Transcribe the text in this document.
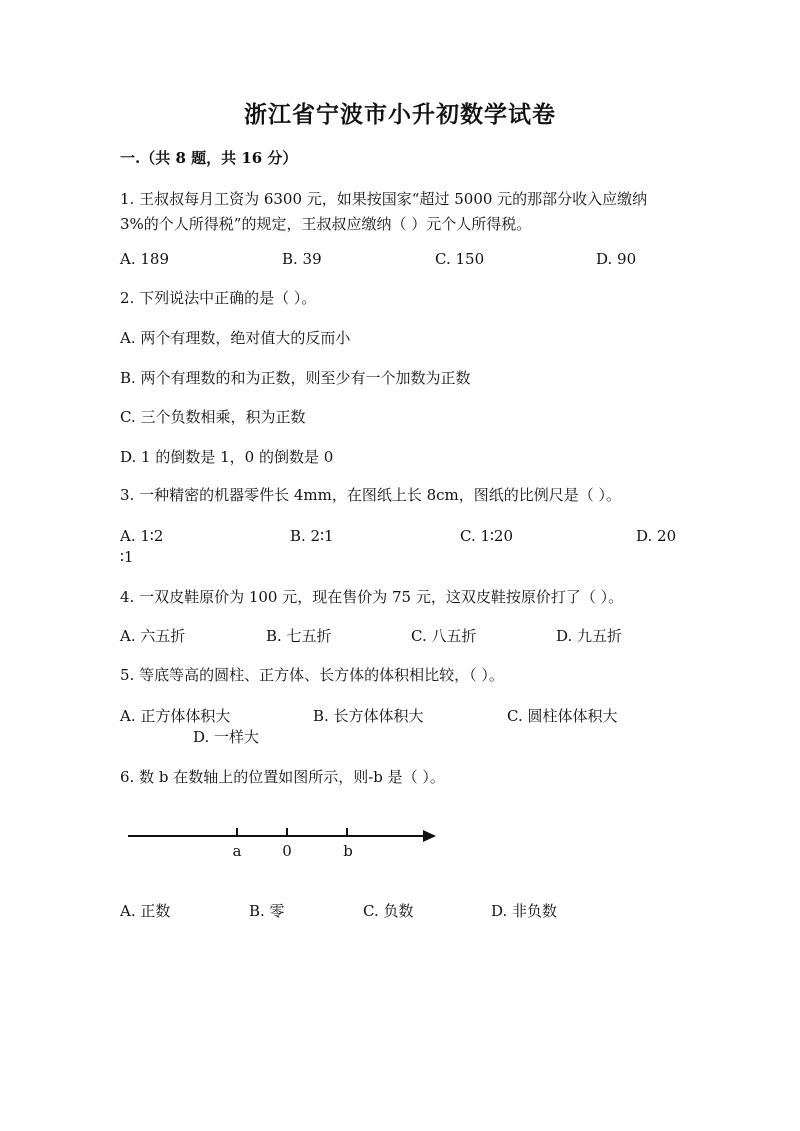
浙江省宁波市小升初数学试卷
一.（共 8 题，共 16 分）
1. 王叔叔每月工资为 6300 元，如果按国家“超过 5000 元的那部分收入应缴纳
3%的个人所得税”的规定，王叔叔应缴纳（ ）元个人所得税。
A. 189	B. 39	C. 150	D. 90
2. 下列说法中正确的是（ ）。
A. 两个有理数，绝对值大的反而小
B. 两个有理数的和为正数，则至少有一个加数为正数
C. 三个负数相乘，积为正数
D. 1 的倒数是 1，0 的倒数是 0
3. 一种精密的机器零件长 4mm，在图纸上长 8cm，图纸的比例尺是（ ）。
A. 1∶2	B. 2∶1	C. 1∶20	D. 20
∶1
4. 一双皮鞋原价为 100 元，现在售价为 75 元，这双皮鞋按原价打了（ ）。
A. 六五折	B. 七五折	C. 八五折	D. 九五折
5. 等底等高的圆柱、正方体、长方体的体积相比较，（ ）。
A. 正方体体积大	B. 长方体体积大	C. 圆柱体体积大
D. 一样大
6. 数 b 在数轴上的位置如图所示，则-b 是（ ）。
a	0	b
A. 正数	B. 零	C. 负数	D. 非负数
